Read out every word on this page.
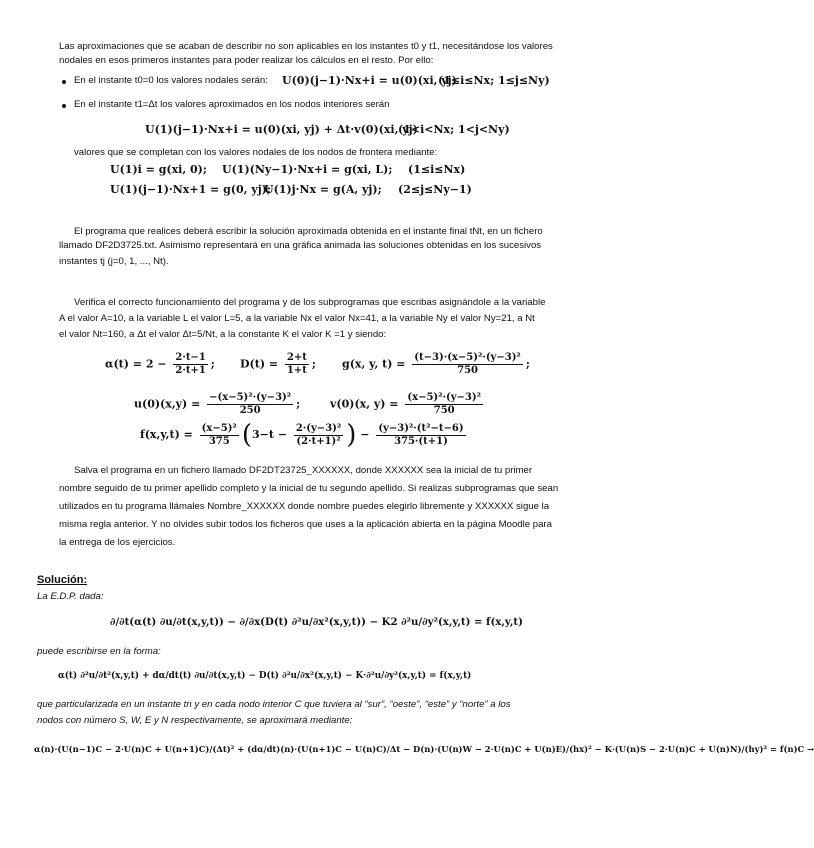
Las aproximaciones que se acaban de describir no son aplicables en los instantes t0 y t1, necesitándose los valores
nodales en esos primeros instantes para poder realizar los cálculos en el resto. Por ello:
En el instante t0=0 los valores nodales serán: U(0)(j−1)·Nx+i = u(0)(xi, yj)
(1≤i≤Nx; 1≤j≤Ny)
En el instante t1=Δt los valores aproximados en los nodos interiores serán
U(1)(j−1)·Nx+i = u(0)(xi, yj) + Δt·v(0)(xi, yj)
(1<i<Nx; 1<j<Ny)
valores que se completan con los valores nodales de los nodos de frontera mediante:
U(1)i = g(xi, 0); U(1)(Ny−1)·Nx+i = g(xi, L); (1≤i≤Nx)
U(1)(j−1)·Nx+1 = g(0, yj);
U(1)j·Nx = g(A, yj); (2≤j≤Ny−1)
El programa que realices deberá escribir la solución aproximada obtenida en el instante final tNt, en un fichero
llamado DF2D3725.txt. Asimismo representará en una gráfica animada las soluciones obtenidas en los sucesivos
instantes tj (j=0, 1, ..., Nt).
Verifica el correcto funcionamiento del programa y de los subprogramas que escribas asignándole a la variable
A el valor A=10, a la variable L el valor L=5, a la variable Nx el valor Nx=41, a la variable Ny el valor Ny=21, a Nt
el valor Nt=160, a Δt el valor Δt=5/Nt, a la constante K el valor K =1 y siendo:
$\alpha(t) = 2 - \frac{2\cdot t-1}{2\cdot t+1}$ ; $D(t) = \frac{2+t}{1+t}$ ; g(x, y, $t) = \frac{\text{(t−3)·(x−5)²·(y−3)²}}{750}$ ;
$u(0)(x,y) = \frac{\text{−(x−5)²·(y−3)²}}{250}$ ;	v(0)(x, $y) = \frac{\text{(x−5)²·(y−3)²}}{750}$
$f(x,y,t) = \frac{\text{(x−5)²}}{375} (3-t - \frac{\text{2·(y−3)²}}{\text{(2·t+1)²}}$ ) − $\frac{\text{(y−3)²·(t²−t−6)}}{375\cdot(t+1)}$
Salva el programa en un fichero llamado DF2DT23725_XXXXXX, donde XXXXXX sea la inicial de tu primer
nombre seguido de tu primer apellido completo y la inicial de tu segundo apellido. Si realizas subprogramas que sean
utilizados en tu programa llámales Nombre_XXXXXX donde nombre puedes elegirlo libremente y XXXXXX sigue la
misma regla anterior. Y no olvides subir todos los ficheros que uses a la aplicación abierta en la página Moodle para
la entrega de los ejercicios.
Solución:
La E.D.P. dada:
∂/∂t(α(t) ∂u/∂t(x,y,t)) − ∂/∂x(D(t) ∂²u/∂x²(x,y,t)) − K2 ∂²u/∂y²(x,y,t) = f(x,y,t)
puede escribirse en la forma:
α(t) ∂²u/∂t²(x,y,t) + dα/dt(t) ∂u/∂t(x,y,t) − D(t) ∂²u/∂x²(x,y,t) − K·∂²u/∂y²(x,y,t) = f(x,y,t)
que particularizada en un instante tn y en cada nodo interior C que tuviera al “sur”, “oeste”, “este” y “norte” a los
nodos con número S, W, E y N respectivamente, se aproximará mediante:
α(n)·(U(n−1)C − 2·U(n)C + U(n+1)C)/(Δt)² + (dα/dt)(n)·(U(n+1)C − U(n)C)/Δt − D(n)·(U(n)W − 2·U(n)C + U(n)E)/(hx)² − K·(U(n)S − 2·U(n)C + U(n)N)/(hy)² = f(n)C →
